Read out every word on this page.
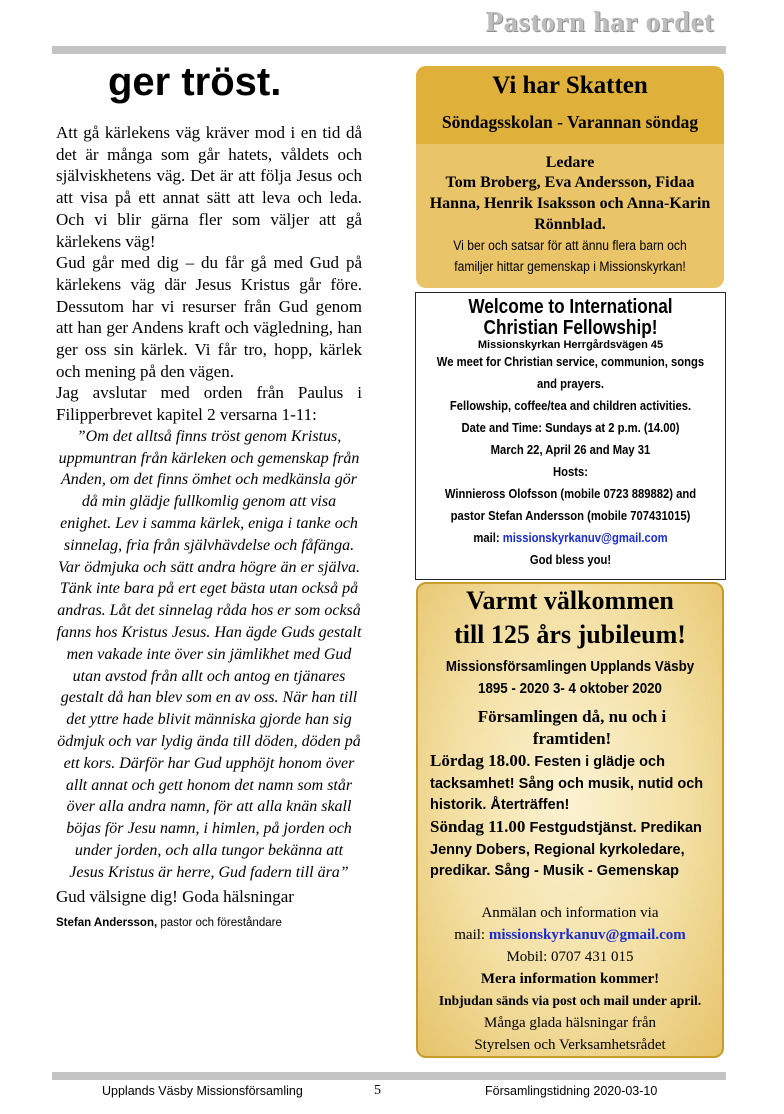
Pastorn har ordet
ger tröst.

Att gå kärlekens väg kräver mod i en tid då det är många som går hatets, våldets och själviskhetens väg. Det är att följa Jesus och att visa på ett annat sätt att leva och leda. Och vi blir gärna fler som väljer att gå kärlekens väg!

Gud går med dig – du får gå med Gud på kärlekens väg där Jesus Kristus går före. Dessutom har vi resurser från Gud genom att han ger Andens kraft och vägledning, han ger oss sin kärlek. Vi får tro, hopp, kärlek och mening på den vägen.

Jag avslutar med orden från Paulus i Filipperbrevet kapitel 2 versarna 1-11:

”Om det alltså finns tröst genom Kristus, uppmuntran från kärleken och gemenskap från Anden, om det finns ömhet och medkänsla gör då min glädje fullkomlig genom att visa enighet. Lev i samma kärlek, eniga i tanke och sinnelag, fria från självhävdelse och fåfänga. Var ödmjuka och sätt andra högre än er själva. Tänk inte bara på ert eget bästa utan också på andras. Låt det sinnelag råda hos er som också fanns hos Kristus Jesus. Han ägde Guds gestalt men vakade inte över sin jämlikhet med Gud utan avstod från allt och antog en tjänares gestalt då han blev som en av oss. När han till det yttre hade blivit människa gjorde han sig ödmjuk och var lydig ända till döden, döden på ett kors. Därför har Gud upphöjt honom över allt annat och gett honom det namn som står över alla andra namn, för att alla knän skall böjas för Jesu namn, i himlen, på jorden och under jorden, och alla tungor bekänna att Jesus Kristus är herre, Gud fadern till ära”

Gud välsigne dig! Goda hälsningar

Stefan Andersson, pastor och föreståndare
Vi har Skatten
Söndagsskolan - Varannan söndag
Ledare
Tom Broberg, Eva Andersson, Fidaa Hanna, Henrik Isaksson och Anna-Karin Rönnblad.
Vi ber och satsar för att ännu flera barn och familjer hittar gemenskap i Missionskyrkan!
Welcome to International Christian Fellowship!
Missionskyrkan Herrgårdsvägen 45
We meet for Christian service, communion, songs and prayers.
Fellowship, coffee/tea and children activities.
Date and Time: Sundays at 2 p.m. (14.00)
March 22, April 26 and May 31
Hosts:
Winnieross Olofsson (mobile 0723 889882) and pastor Stefan Andersson (mobile 707431015)
mail: missionskyrkanuv@gmail.com
God bless you!
Varmt välkommen
till 125 års jubileum!
Missionsförsamlingen Upplands Väsby
1895 - 2020 3- 4 oktober 2020
Församlingen då, nu och i framtiden!
Lördag 18.00. Festen i glädje och tacksamhet! Sång och musik, nutid och historik. Återträffen!
Söndag 11.00 Festgudstjänst. Predikan Jenny Dobers, Regional kyrkoledare, predikar. Sång - Musik - Gemenskap
Anmälan och information via
mail: missionskyrkanuv@gmail.com
Mobil: 0707 431 015
Mera information kommer!
Inbjudan sänds via post och mail under april.
Många glada hälsningar från
Styrelsen och Verksamhetsrådet
Upplands Väsby Missionsförsamling	5	Församlingstidning 2020-03-10
